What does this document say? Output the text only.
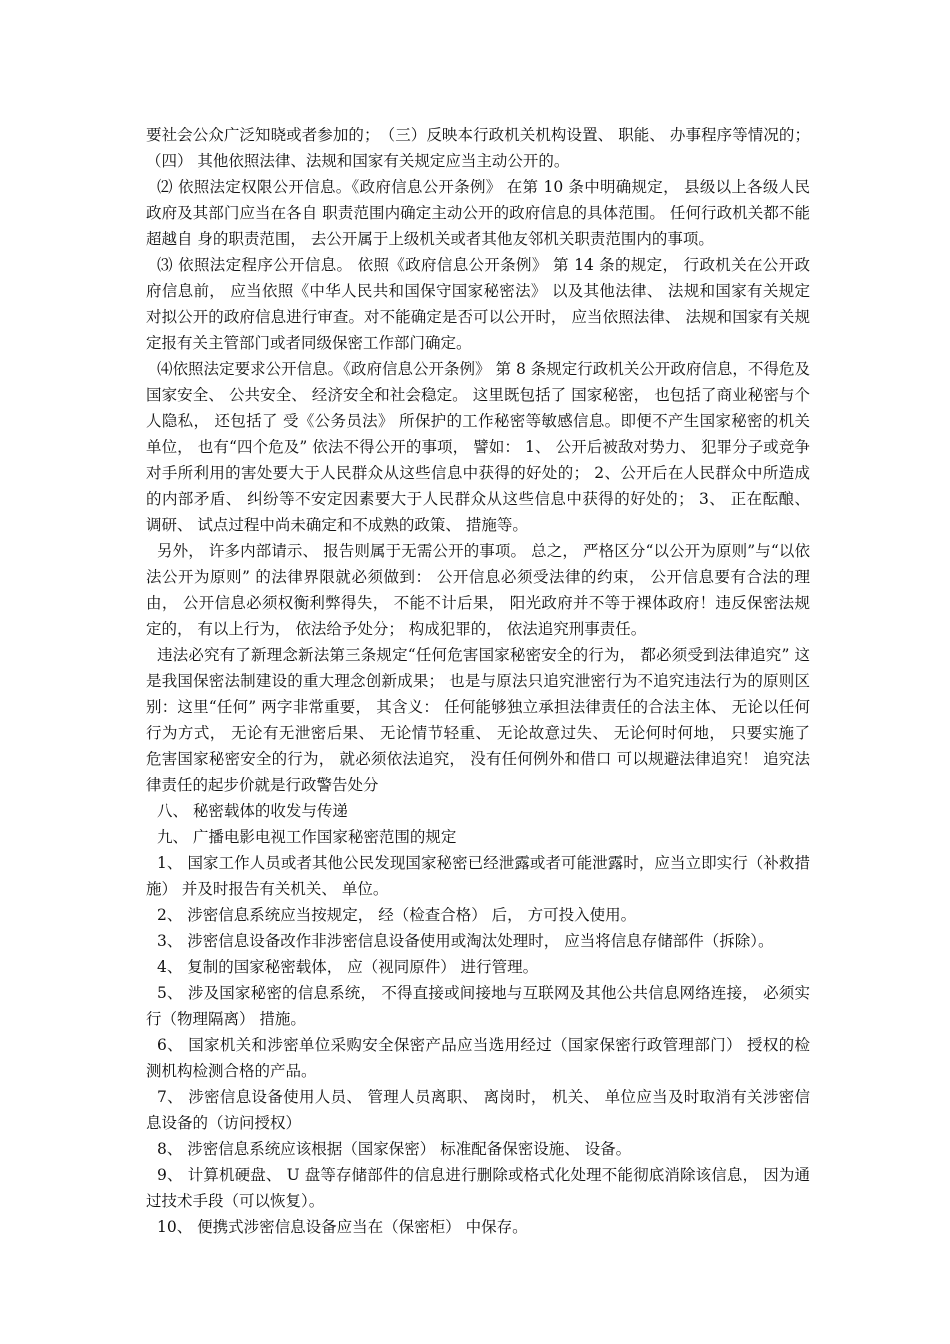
要社会公众广泛知晓或者参加的；　（三）反映本行政机关机构设置、 职能、 办事程序等情况的；（四） 其他依照法律、法规和国家有关规定应当主动公开的。

⑵ 依照法定权限公开信息。《政府信息公开条例》 在第 10 条中明确规定， 县级以上各级人民政府及其部门应当在各自 职责范围内确定主动公开的政府信息的具体范围。 任何行政机关都不能超越自 身的职责范围， 去公开属于上级机关或者其他友邻机关职责范围内的事项。

⑶ 依照法定程序公开信息。 依照《政府信息公开条例》 第 14 条的规定， 行政机关在公开政府信息前， 应当依照《中华人民共和国保守国家秘密法》 以及其他法律、 法规和国家有关规定对拟公开的政府信息进行审查。对不能确定是否可以公开时， 应当依照法律、 法规和国家有关规定报有关主管部门或者同级保密工作部门确定。

⑷依照法定要求公开信息。《政府信息公开条例》 第 8 条规定行政机关公开政府信息，不得危及国家安全、 公共安全、 经济安全和社会稳定。 这里既包括了 国家秘密， 也包括了商业秘密与个人隐私， 还包括了 受《公务员法》 所保护的工作秘密等敏感信息。即便不产生国家秘密的机关单位， 也有“四个危及” 依法不得公开的事项， 譬如： 1、 公开后被敌对势力、 犯罪分子或竞争对手所利用的害处要大于人民群众从这些信息中获得的好处的； 2、公开后在人民群众中所造成的内部矛盾、 纠纷等不安定因素要大于人民群众从这些信息中获得的好处的； 3、 正在酝酿、 调研、 试点过程中尚未确定和不成熟的政策、 措施等。

另外， 许多内部请示、 报告则属于无需公开的事项。 总之， 严格区分“以公开为原则”与“以依法公开为原则” 的法律界限就必须做到： 公开信息必须受法律的约束， 公开信息要有合法的理由， 公开信息必须权衡利弊得失， 不能不计后果， 阳光政府并不等于裸体政府！违反保密法规定的， 有以上行为， 依法给予处分； 构成犯罪的， 依法追究刑事责任。

违法必究有了新理念新法第三条规定“任何危害国家秘密安全的行为， 都必须受到法律追究” 这是我国保密法制建设的重大理念创新成果； 也是与原法只追究泄密行为不追究违法行为的原则区别：这里“任何” 两字非常重要， 其含义： 任何能够独立承担法律责任的合法主体、 无论以任何行为方式， 无论有无泄密后果、 无论情节轻重、 无论故意过失、 无论何时何地， 只要实施了 危害国家秘密安全的行为， 就必须依法追究， 没有任何例外和借口 可以规避法律追究！ 追究法律责任的起步价就是行政警告处分

八、 秘密载体的收发与传递

九、 广播电影电视工作国家秘密范围的规定

1、 国家工作人员或者其他公民发现国家秘密已经泄露或者可能泄露时，应当立即实行（补救措施） 并及时报告有关机关、 单位。

2、 涉密信息系统应当按规定， 经（检查合格） 后， 方可投入使用。

3、 涉密信息设备改作非涉密信息设备使用或淘汰处理时， 应当将信息存储部件（拆除）。

4、 复制的国家秘密载体， 应（视同原件） 进行管理。

5、 涉及国家秘密的信息系统， 不得直接或间接地与互联网及其他公共信息网络连接， 必须实行（物理隔离） 措施。

6、 国家机关和涉密单位采购安全保密产品应当选用经过（国家保密行政管理部门） 授权的检测机构检测合格的产品。

7、 涉密信息设备使用人员、 管理人员离职、 离岗时， 机关、 单位应当及时取消有关涉密信息设备的（访问授权）

8、 涉密信息系统应该根据（国家保密） 标准配备保密设施、 设备。

9、 计算机硬盘、 U 盘等存储部件的信息进行删除或格式化处理不能彻底消除该信息， 因为通过技术手段（可以恢复）。

10、 便携式涉密信息设备应当在（保密柜） 中保存。
